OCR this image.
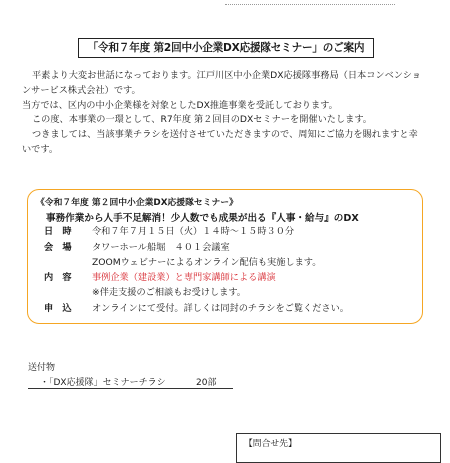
「令和７年度 第2回中小企業DX応援隊セミナー」のご案内
平素より大変お世話になっております。江戸川区中小企業DX応援隊事務局（日本コンベンショ
ンサービス株式会社）です。
当方では、区内の中小企業様を対象としたDX推進事業を受託しております。
この度、本事業の一環として、R7年度 第２回目のDXセミナーを開催いたします。
つきましては、当該事業チラシを送付させていただきますので、周知にご協力を賜れますと幸
いです。
《令和７年度 第２回中小企業DX応援隊セミナー》
事務作業から人手不足解消！少人数でも成果が出る『人事・給与』のDX
日　時 令和７年７月１５日（火）１４時～１５時３０分
会　場 タワーホール船堀　４０１会議室
ZOOMウェビナーによるオンライン配信も実施します。
内　容 事例企業（建設業）と専門家講師による講演
※伴走支援のご相談もお受けします。
申　込 オンラインにて受付。詳しくは同封のチラシをご覧ください。
送付物
・「DX応援隊」セミナーチラシ	20部
【問合せ先】
